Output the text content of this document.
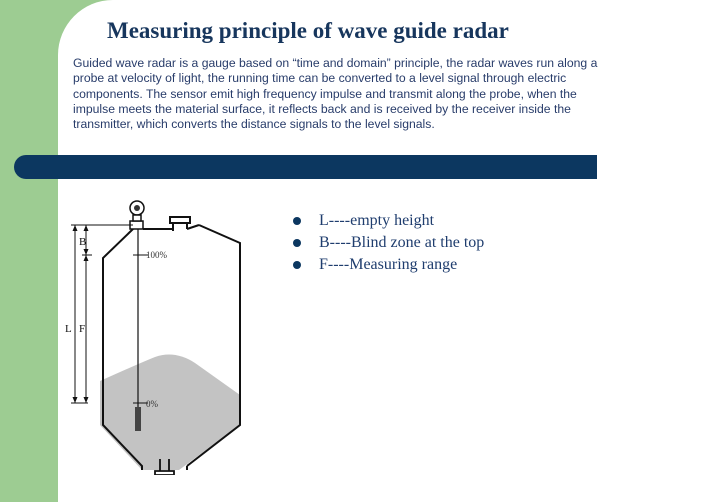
Measuring principle of wave guide radar

Guided wave radar is a gauge based on “time and domain” principle, the radar waves run along a probe at velocity of light, the running time can be converted to a level signal through electric components. The sensor emit high frequency impulse and transmit along the probe, when the impulse meets the material surface, it reflects back and is received by the receiver inside the transmitter, which converts the distance signals to the level signals.

100%
0%
B
L F
L----empty height
B----Blind zone at the top
F----Measuring range
